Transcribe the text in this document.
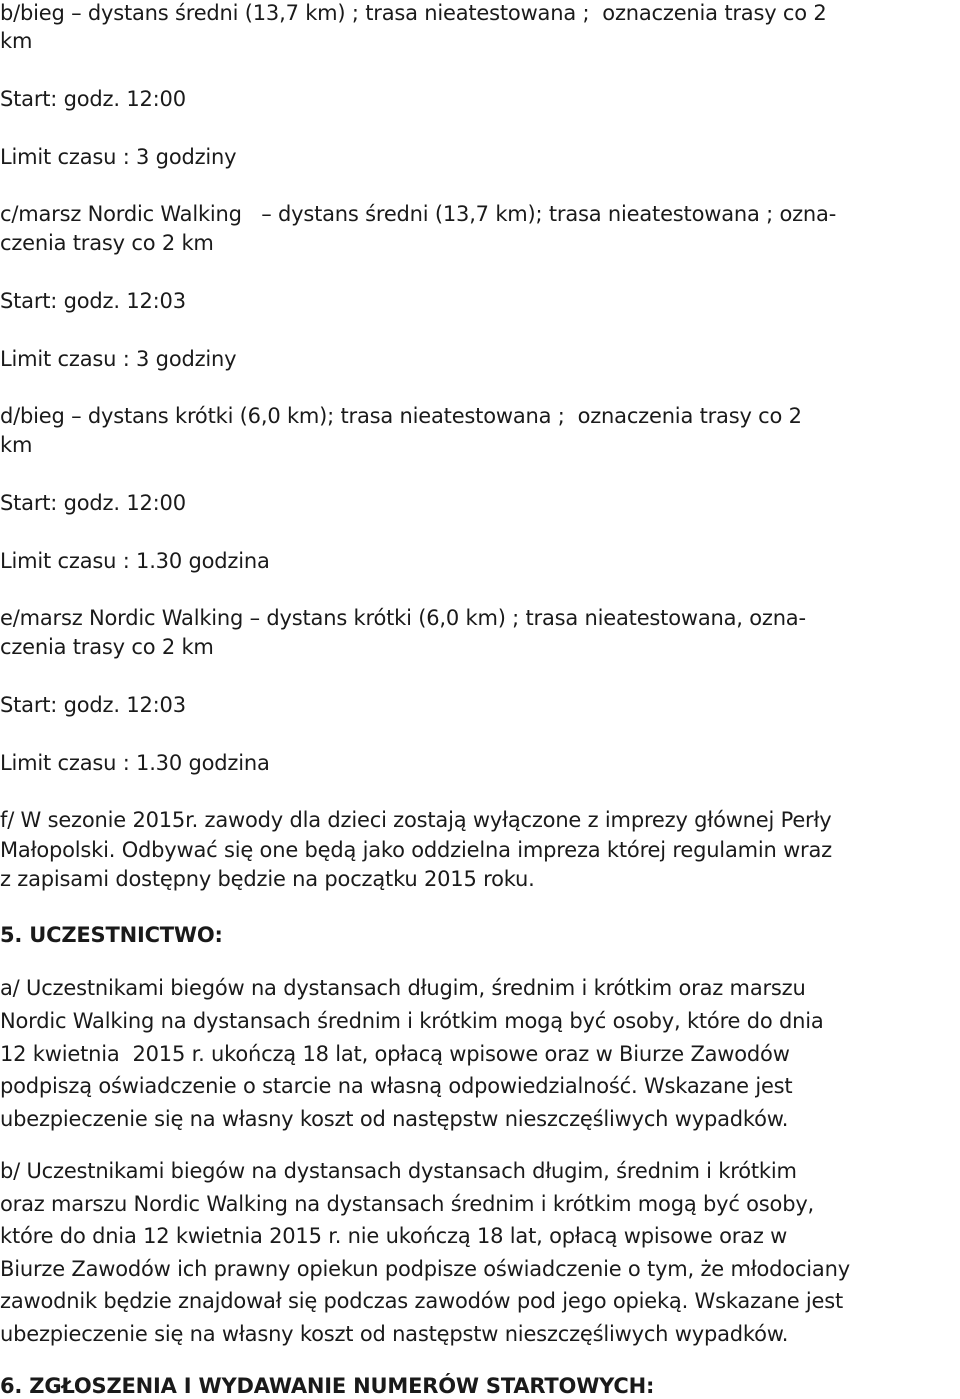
b/bieg – dystans średni (13,7 km) ; trasa nieatestowana ;  oznaczenia trasy co 2
km
Start: godz. 12:00
Limit czasu : 3 godziny
c/marsz Nordic Walking   – dystans średni (13,7 km); trasa nieatestowana ; ozna-
czenia trasy co 2 km
Start: godz. 12:03
Limit czasu : 3 godziny
d/bieg – dystans krótki (6,0 km); trasa nieatestowana ;  oznaczenia trasy co 2
km
Start: godz. 12:00
Limit czasu : 1.30 godzina
e/marsz Nordic Walking – dystans krótki (6,0 km) ; trasa nieatestowana, ozna-
czenia trasy co 2 km
Start: godz. 12:03
Limit czasu : 1.30 godzina
f/ W sezonie 2015r. zawody dla dzieci zostają wyłączone z imprezy głównej Perły
Małopolski. Odbywać się one będą jako oddzielna impreza której regulamin wraz
z zapisami dostępny będzie na początku 2015 roku.
5. UCZESTNICTWO:
a/ Uczestnikami biegów na dystansach długim, średnim i krótkim oraz marszu
Nordic Walking na dystansach średnim i krótkim mogą być osoby, które do dnia
12 kwietnia  2015 r. ukończą 18 lat, opłacą wpisowe oraz w Biurze Zawodów
podpiszą oświadczenie o starcie na własną odpowiedzialność. Wskazane jest
ubezpieczenie się na własny koszt od następstw nieszczęśliwych wypadków.
b/ Uczestnikami biegów na dystansach dystansach długim, średnim i krótkim
oraz marszu Nordic Walking na dystansach średnim i krótkim mogą być osoby,
które do dnia 12 kwietnia 2015 r. nie ukończą 18 lat, opłacą wpisowe oraz w
Biurze Zawodów ich prawny opiekun podpisze oświadczenie o tym, że młodociany
zawodnik będzie znajdował się podczas zawodów pod jego opieką. Wskazane jest
ubezpieczenie się na własny koszt od następstw nieszczęśliwych wypadków.
6. ZGŁOSZENIA I WYDAWANIE NUMERÓW STARTOWYCH:
